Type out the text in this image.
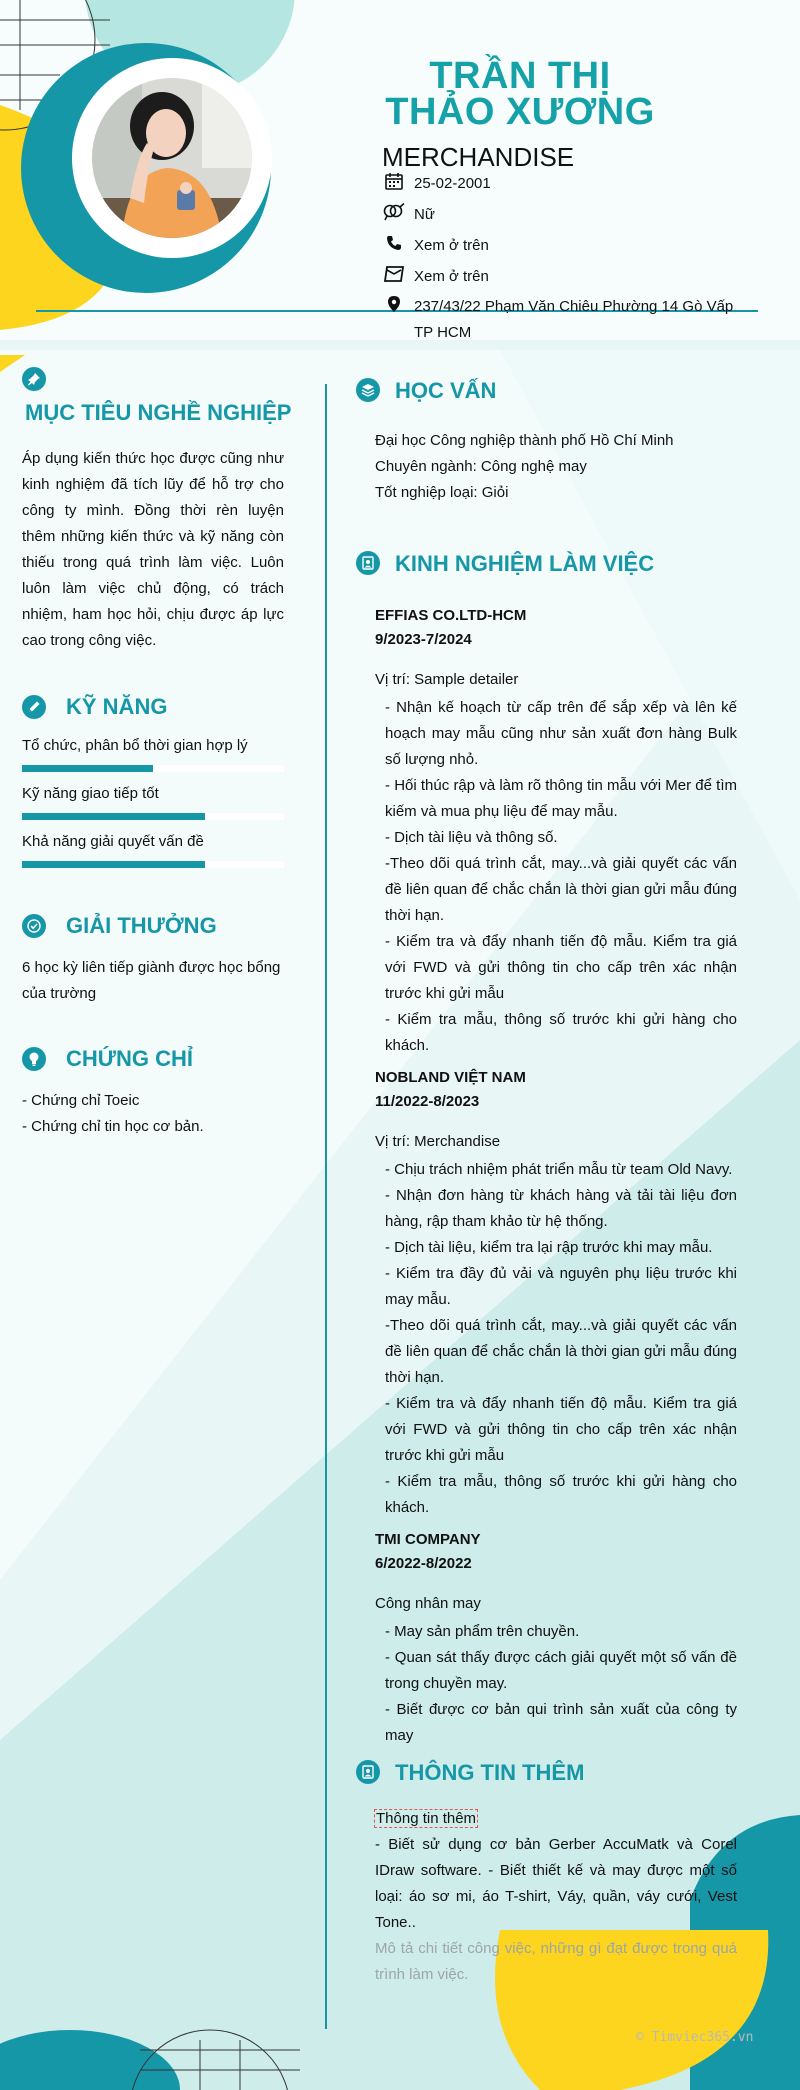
TRẦN THỊ THẢO XƯƠNG
MERCHANDISE
25-02-2001
Nữ
Xem ở trên
Xem ở trên
237/43/22 Phạm Văn Chiêu Phường 14 Gò Vấp TP HCM
MỤC TIÊU NGHỀ NGHIỆP
Áp dụng kiến thức học được cũng như kinh nghiệm đã tích lũy để hỗ trợ cho công ty mình. Đồng thời rèn luyện thêm những kiến thức và kỹ năng còn thiếu trong quá trình làm việc. Luôn luôn làm việc chủ động, có trách nhiệm, ham học hỏi, chịu được áp lực cao trong công việc.
KỸ NĂNG
Tổ chức, phân bổ thời gian hợp lý
Kỹ năng giao tiếp tốt
Khả năng giải quyết vấn đề
GIẢI THƯỞNG
6 học kỳ liên tiếp giành được học bổng của trường
CHỨNG CHỈ
- Chứng chỉ Toeic
- Chứng chỉ tin học cơ bản.
HỌC VẤN
Đại học Công nghiệp thành phố Hồ Chí Minh
Chuyên ngành: Công nghệ may
Tốt nghiệp loại: Giỏi
KINH NGHIỆM LÀM VIỆC
EFFIAS CO.LTD-HCM
9/2023-7/2024
Vị trí: Sample detailer
- Nhận kế hoạch từ cấp trên để sắp xếp và lên kế hoạch may mẫu cũng như sản xuất đơn hàng Bulk số lượng nhỏ.
- Hối thúc rập và làm rõ thông tin mẫu với Mer để tìm kiếm và mua phụ liệu để may mẫu.
- Dịch tài liệu và thông số.
-Theo dõi quá trình cắt, may...và giải quyết các vấn đề liên quan để chắc chắn là thời gian gửi mẫu đúng thời hạn.
- Kiểm tra và đẩy nhanh tiến độ mẫu. Kiểm tra giá với FWD và gửi thông tin cho cấp trên xác nhận trước khi gửi mẫu
- Kiểm tra mẫu, thông số trước khi gửi hàng cho khách.
NOBLAND VIỆT NAM
11/2022-8/2023
Vị trí: Merchandise
- Chịu trách nhiệm phát triển mẫu từ team Old Navy.
- Nhận đơn hàng từ khách hàng và tải tài liệu đơn hàng, rập tham khảo từ hệ thống.
- Dịch tài liệu, kiểm tra lại rập trước khi may mẫu.
- Kiểm tra đầy đủ vải và nguyên phụ liệu trước khi may mẫu.
-Theo dõi quá trình cắt, may...và giải quyết các vấn đề liên quan để chắc chắn là thời gian gửi mẫu đúng thời hạn.
- Kiểm tra và đẩy nhanh tiến độ mẫu. Kiểm tra giá với FWD và gửi thông tin cho cấp trên xác nhận trước khi gửi mẫu
- Kiểm tra mẫu, thông số trước khi gửi hàng cho khách.
TMI COMPANY
6/2022-8/2022
Công nhân may
- May sản phẩm trên chuyền.
- Quan sát thấy được cách giải quyết một số vấn đề trong chuyền may.
- Biết được cơ bản qui trình sản xuất của công ty may
THÔNG TIN THÊM
Thông tin thêm
- Biết sử dụng cơ bản Gerber AccuMatk và Corel IDraw software. - Biết thiết kế và may được một số loại: áo sơ mi, áo T-shirt, Váy, quần, váy cưới, Vest Tone..
Mô tả chi tiết công việc, những gì đạt được trong quá trình làm việc.
© Timviec365.vn
